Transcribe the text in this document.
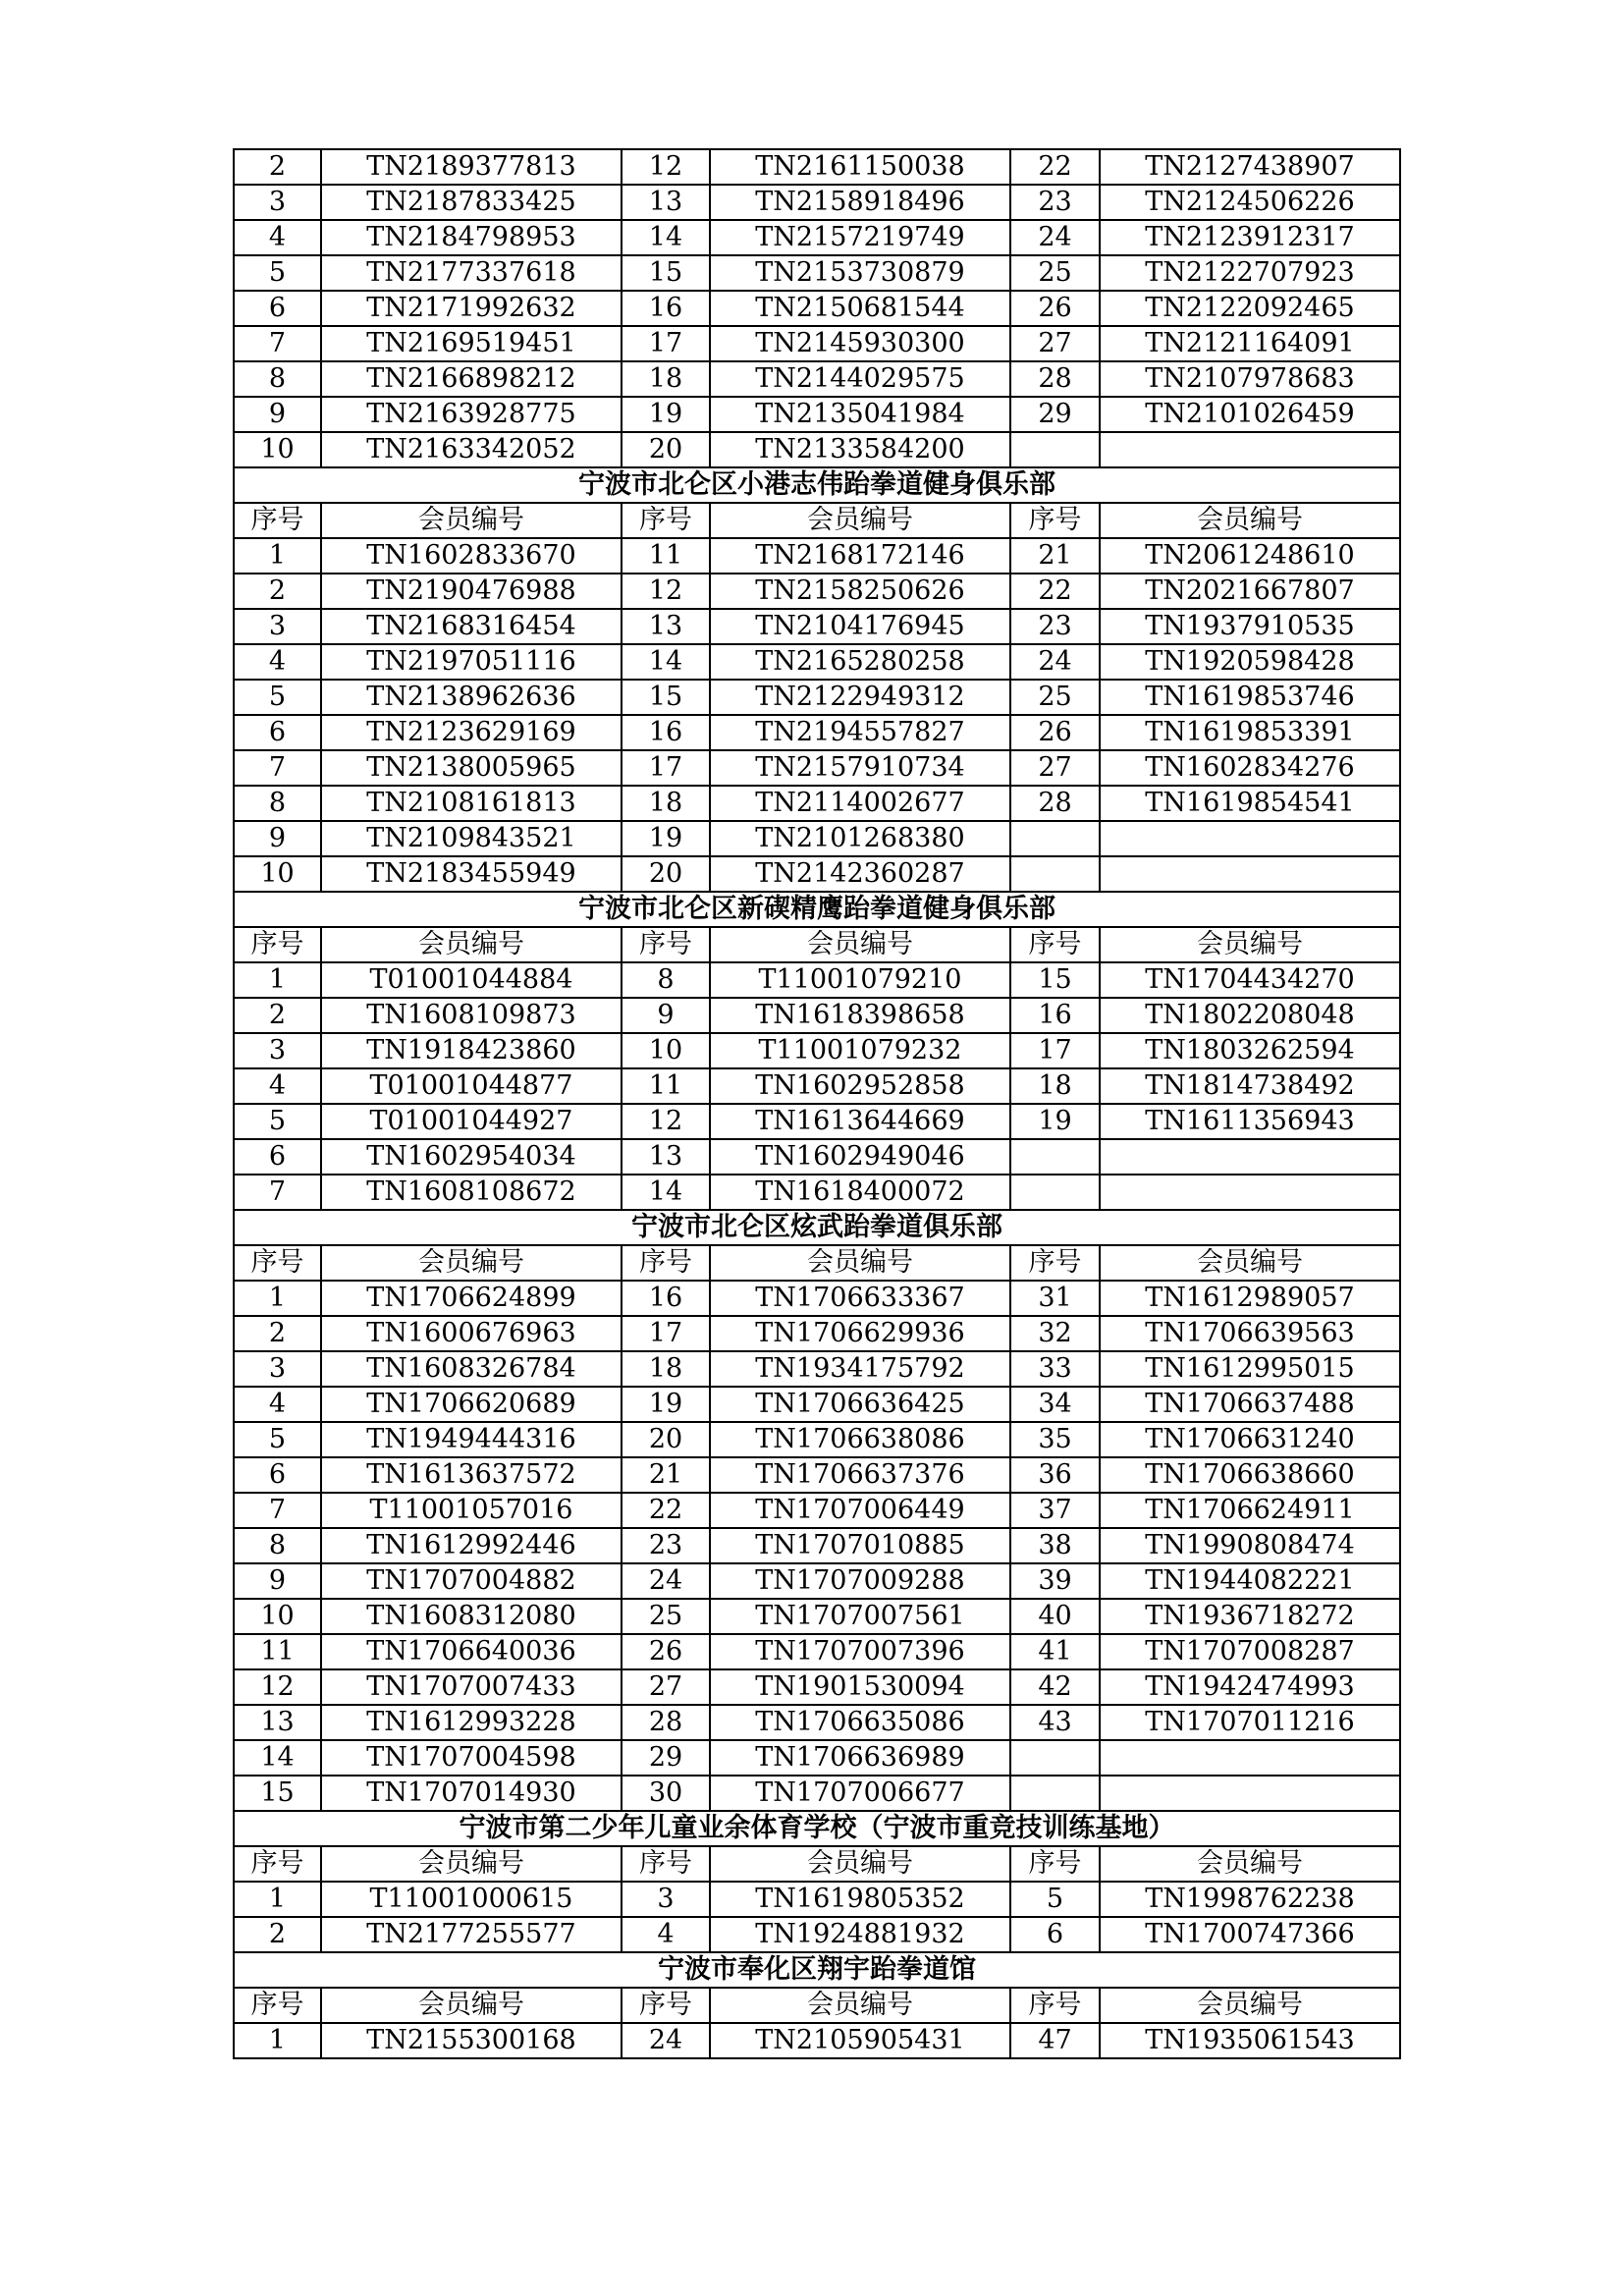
2	TN2189377813	12	TN2161150038	22	TN2127438907
3	TN2187833425	13	TN2158918496	23	TN2124506226
4	TN2184798953	14	TN2157219749	24	TN2123912317
5	TN2177337618	15	TN2153730879	25	TN2122707923
6	TN2171992632	16	TN2150681544	26	TN2122092465
7	TN2169519451	17	TN2145930300	27	TN2121164091
8	TN2166898212	18	TN2144029575	28	TN2107978683
9	TN2163928775	19	TN2135041984	29	TN2101026459
10	TN2163342052	20	TN2133584200		
宁波市北仑区小港志伟跆拳道健身俱乐部					
序号	会员编号	序号	会员编号	序号	会员编号
1	TN1602833670	11	TN2168172146	21	TN2061248610
2	TN2190476988	12	TN2158250626	22	TN2021667807
3	TN2168316454	13	TN2104176945	23	TN1937910535
4	TN2197051116	14	TN2165280258	24	TN1920598428
5	TN2138962636	15	TN2122949312	25	TN1619853746
6	TN2123629169	16	TN2194557827	26	TN1619853391
7	TN2138005965	17	TN2157910734	27	TN1602834276
8	TN2108161813	18	TN2114002677	28	TN1619854541
9	TN2109843521	19	TN2101268380		
10	TN2183455949	20	TN2142360287		
宁波市北仑区新碶精鹰跆拳道健身俱乐部					
序号	会员编号	序号	会员编号	序号	会员编号
1	T01001044884	8	T11001079210	15	TN1704434270
2	TN1608109873	9	TN1618398658	16	TN1802208048
3	TN1918423860	10	T11001079232	17	TN1803262594
4	T01001044877	11	TN1602952858	18	TN1814738492
5	T01001044927	12	TN1613644669	19	TN1611356943
6	TN1602954034	13	TN1602949046		
7	TN1608108672	14	TN1618400072		
宁波市北仑区炫武跆拳道俱乐部					
序号	会员编号	序号	会员编号	序号	会员编号
1	TN1706624899	16	TN1706633367	31	TN1612989057
2	TN1600676963	17	TN1706629936	32	TN1706639563
3	TN1608326784	18	TN1934175792	33	TN1612995015
4	TN1706620689	19	TN1706636425	34	TN1706637488
5	TN1949444316	20	TN1706638086	35	TN1706631240
6	TN1613637572	21	TN1706637376	36	TN1706638660
7	T11001057016	22	TN1707006449	37	TN1706624911
8	TN1612992446	23	TN1707010885	38	TN1990808474
9	TN1707004882	24	TN1707009288	39	TN1944082221
10	TN1608312080	25	TN1707007561	40	TN1936718272
11	TN1706640036	26	TN1707007396	41	TN1707008287
12	TN1707007433	27	TN1901530094	42	TN1942474993
13	TN1612993228	28	TN1706635086	43	TN1707011216
14	TN1707004598	29	TN1706636989		
15	TN1707014930	30	TN1707006677		
宁波市第二少年儿童业余体育学校（宁波市重竞技训练基地）					
序号	会员编号	序号	会员编号	序号	会员编号
1	T11001000615	3	TN1619805352	5	TN1998762238
2	TN2177255577	4	TN1924881932	6	TN1700747366
宁波市奉化区翔宇跆拳道馆					
序号	会员编号	序号	会员编号	序号	会员编号
1	TN2155300168	24	TN2105905431	47	TN1935061543
